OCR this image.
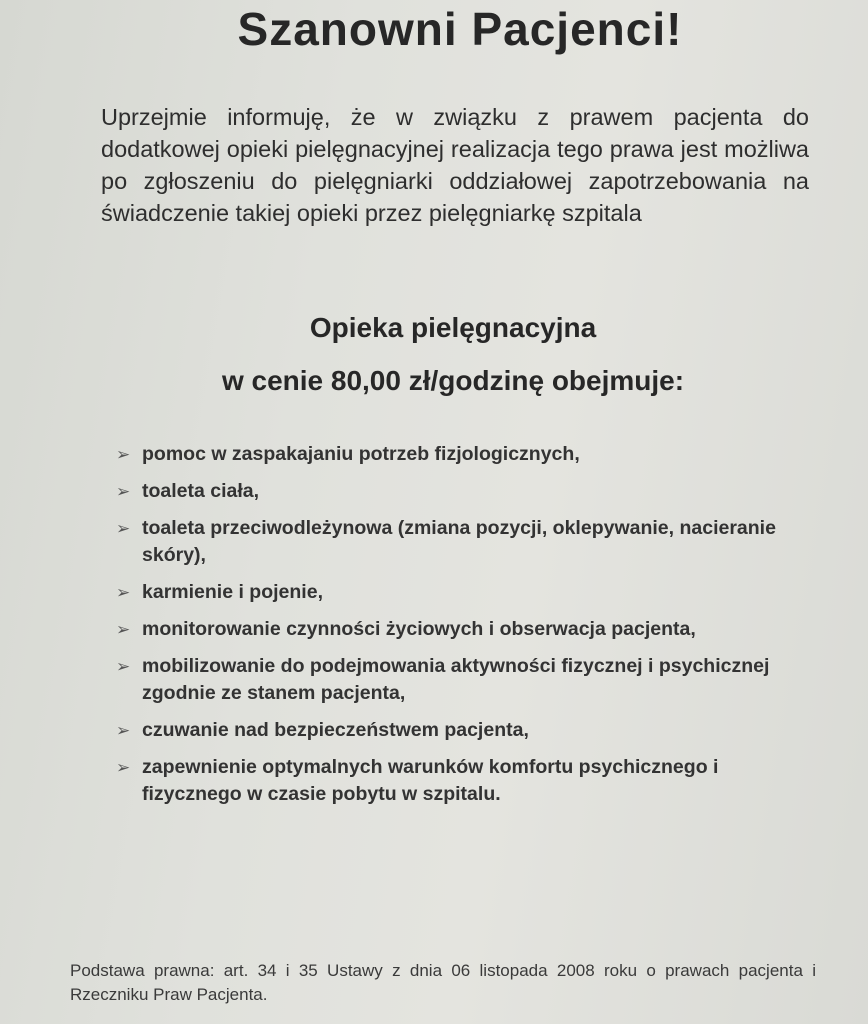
Szanowni Pacjenci!

Uprzejmie informuję, że w związku z prawem pacjenta do dodatkowej opieki pielęgnacyjnej realizacja tego prawa jest możliwa po zgłoszeniu do pielęgniarki oddziałowej zapotrzebowania na świadczenie takiej opieki przez pielęgniarkę szpitala

Opieka pielęgnacyjna
w cenie 80,00 zł/godzinę obejmuje:
➢ pomoc w zaspakajaniu potrzeb fizjologicznych,
➢ toaleta ciała,
➢ toaleta przeciwodleżynowa (zmiana pozycji, oklepywanie, nacieranie skóry),
➢ karmienie i pojenie,
➢ monitorowanie czynności życiowych i obserwacja pacjenta,
➢ mobilizowanie do podejmowania aktywności fizycznej i psychicznej zgodnie ze stanem pacjenta,
➢ czuwanie nad bezpieczeństwem pacjenta,
➢ zapewnienie optymalnych warunków komfortu psychicznego i fizycznego w czasie pobytu w szpitalu.

Podstawa prawna: art. 34 i 35 Ustawy z dnia 06 listopada 2008 roku o prawach pacjenta i Rzeczniku Praw Pacjenta.
